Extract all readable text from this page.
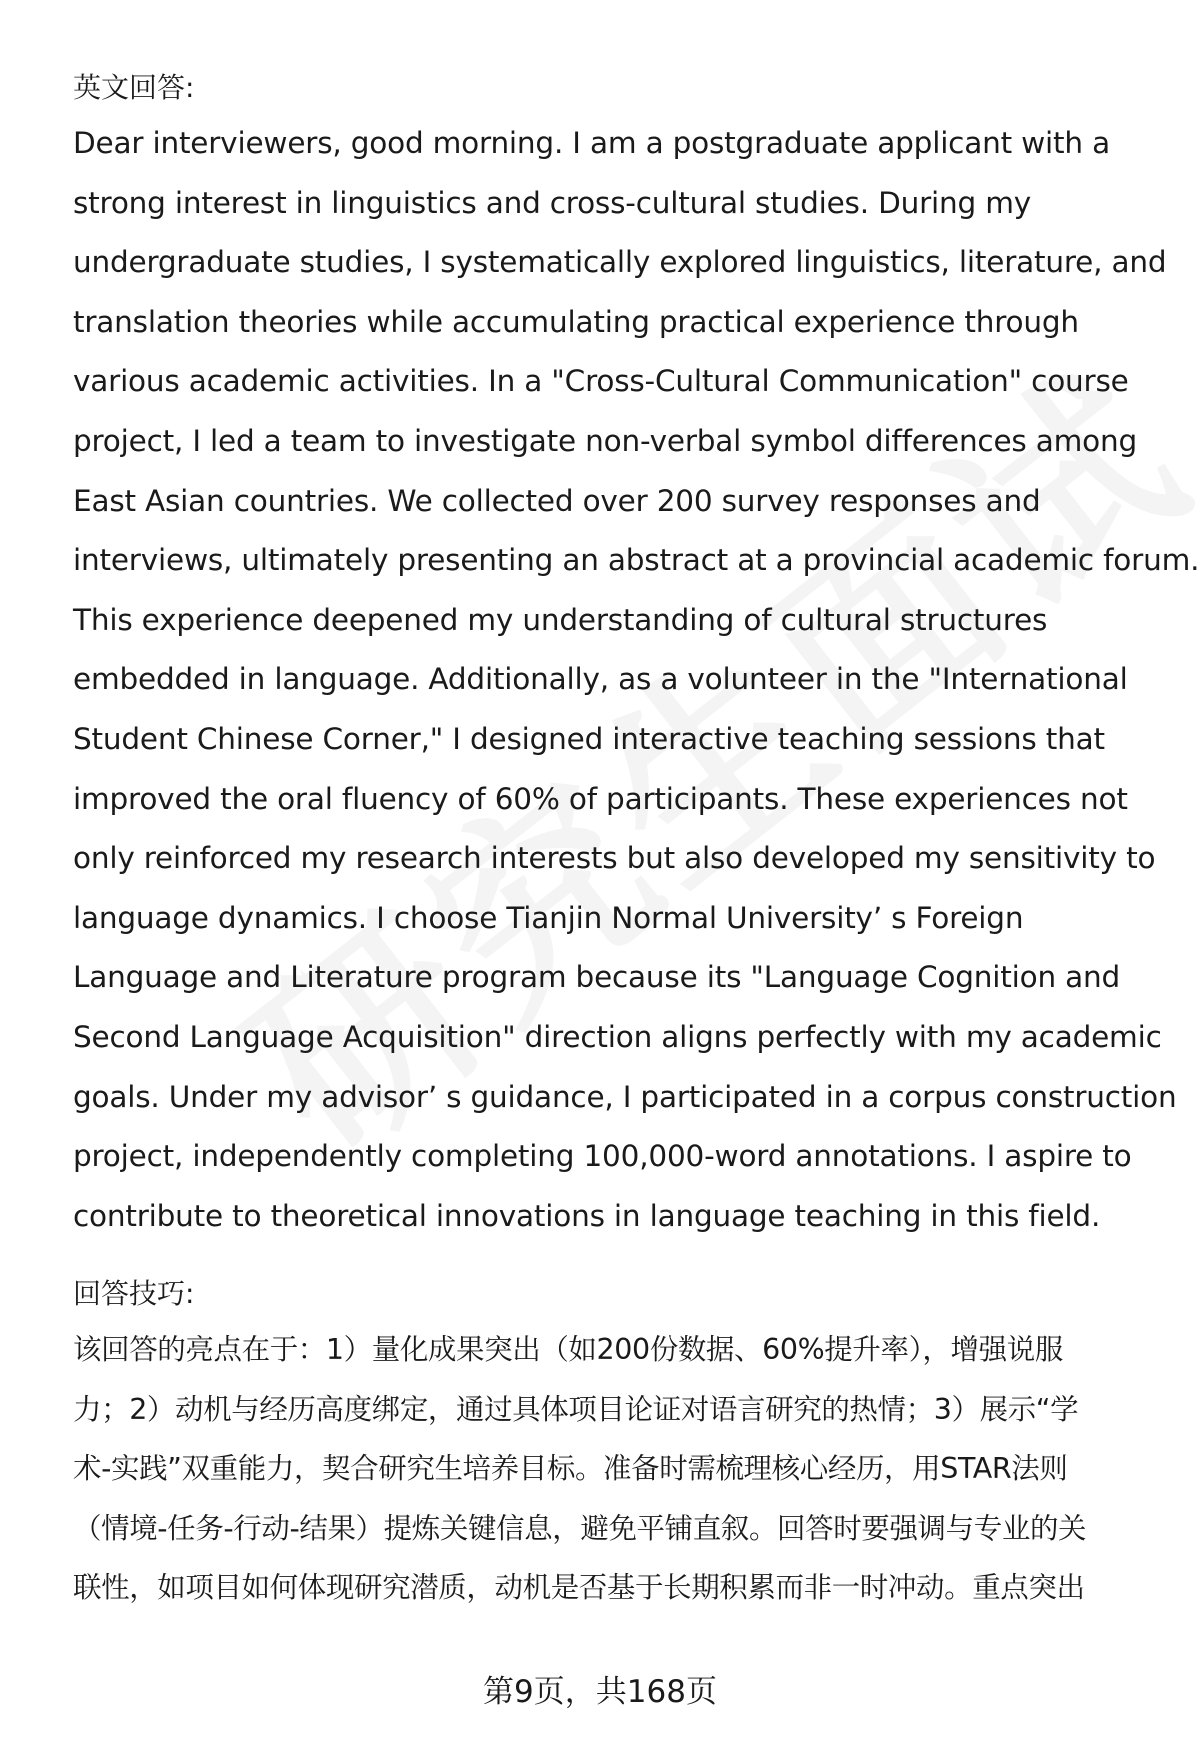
英文回答:

Dear interviewers, good morning. I am a postgraduate applicant with a
strong interest in linguistics and cross-cultural studies. During my
undergraduate studies, I systematically explored linguistics, literature, and
translation theories while accumulating practical experience through
various academic activities. In a "Cross-Cultural Communication" course
project, I led a team to investigate non-verbal symbol differences among
East Asian countries. We collected over 200 survey responses and
interviews, ultimately presenting an abstract at a provincial academic forum.
This experience deepened my understanding of cultural structures
embedded in language. Additionally, as a volunteer in the "International
Student Chinese Corner," I designed interactive teaching sessions that
improved the oral fluency of 60% of participants. These experiences not
only reinforced my research interests but also developed my sensitivity to
language dynamics. I choose Tianjin Normal University’ s Foreign
Language and Literature program because its "Language Cognition and
Second Language Acquisition" direction aligns perfectly with my academic
goals. Under my advisor’ s guidance, I participated in a corpus construction
project, independently completing 100,000-word annotations. I aspire to
contribute to theoretical innovations in language teaching in this field.

回答技巧:

该回答的亮点在于：1）量化成果突出（如200份数据、60%提升率），增强说服
力；2）动机与经历高度绑定，通过具体项目论证对语言研究的热情；3）展示“学
术-实践”双重能力，契合研究生培养目标。准备时需梳理核心经历，用STAR法则
（情境-任务-行动-结果）提炼关键信息，避免平铺直叙。回答时要强调与专业的关
联性，如项目如何体现研究潜质，动机是否基于长期积累而非一时冲动。重点突出

第9页，共168页
